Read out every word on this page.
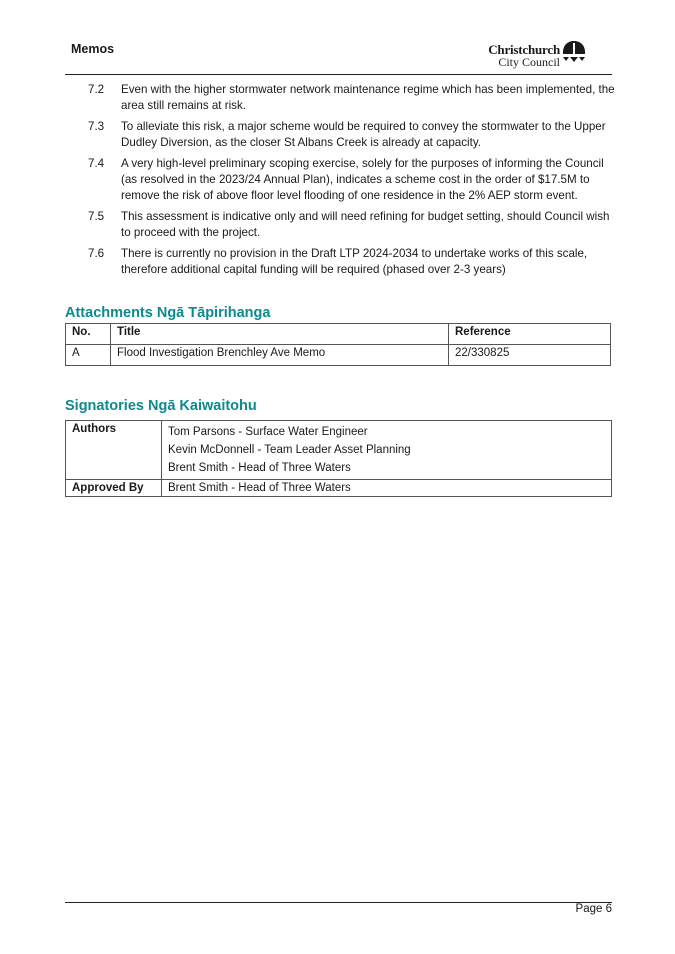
Memos	Christchurch
City Council
7.2	Even with the higher stormwater network maintenance regime which has been implemented, the area still remains at risk.
7.3	To alleviate this risk, a major scheme would be required to convey the stormwater to the Upper Dudley Diversion, as the closer St Albans Creek is already at capacity.
7.4	A very high-level preliminary scoping exercise, solely for the purposes of informing the Council (as resolved in the 2023/24 Annual Plan), indicates a scheme cost in the order of $17.5M to remove the risk of above floor level flooding of one residence in the 2% AEP storm event.
7.5	This assessment is indicative only and will need refining for budget setting, should Council wish to proceed with the project.
7.6	There is currently no provision in the Draft LTP 2024-2034 to undertake works of this scale, therefore additional capital funding will be required (phased over 2-3 years)
Attachments Ngā Tāpirihanga
No.	Title	Reference
A	Flood Investigation Brenchley Ave Memo	22/330825
Signatories Ngā Kaiwaitohu
Authors	Tom Parsons - Surface Water Engineer
Kevin McDonnell - Team Leader Asset Planning
Brent Smith - Head of Three Waters

Approved By	Brent Smith - Head of Three Waters
Page 6
